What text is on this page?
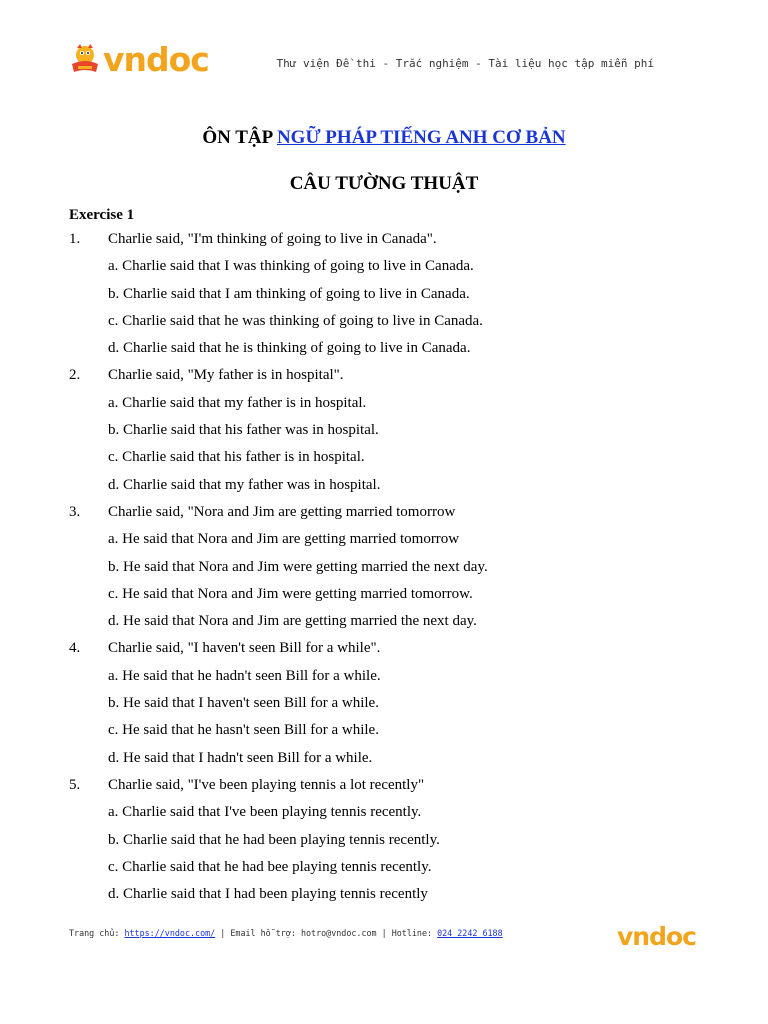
vndoc	Thư viện Đề thi - Trắc nghiệm - Tài liệu học tập miễn phí
ÔN TẬP NGỮ PHÁP TIẾNG ANH CƠ BẢN
CÂU TƯỜNG THUẬT
Exercise 1
1. Charlie said, "I'm thinking of going to live in Canada".
a. Charlie said that I was thinking of going to live in Canada.
b. Charlie said that I am thinking of going to live in Canada.
c. Charlie said that he was thinking of going to live in Canada.
d. Charlie said that he is thinking of going to live in Canada.
2. Charlie said, "My father is in hospital".
a. Charlie said that my father is in hospital.
b. Charlie said that his father was in hospital.
c. Charlie said that his father is in hospital.
d. Charlie said that my father was in hospital.
3. Charlie said, "Nora and Jim are getting married tomorrow
a. He said that Nora and Jim are getting married tomorrow
b. He said that Nora and Jim were getting married the next day.
c. He said that Nora and Jim were getting married tomorrow.
d. He said that Nora and Jim are getting married the next day.
4. Charlie said, "I haven't seen Bill for a while".
a. He said that he hadn't seen Bill for a while.
b. He said that I haven't seen Bill for a while.
c. He said that he hasn't seen Bill for a while.
d. He said that I hadn't seen Bill for a while.
5. Charlie said, "I've been playing tennis a lot recently"
a. Charlie said that I've been playing tennis recently.
b. Charlie said that he had been playing tennis recently.
c. Charlie said that he had bee playing tennis recently.
d. Charlie said that I had been playing tennis recently
Trang chủ: https://vndoc.com/ | Email hỗ trợ: hotro@vndoc.com | Hotline: 024 2242 6188	vndoc
